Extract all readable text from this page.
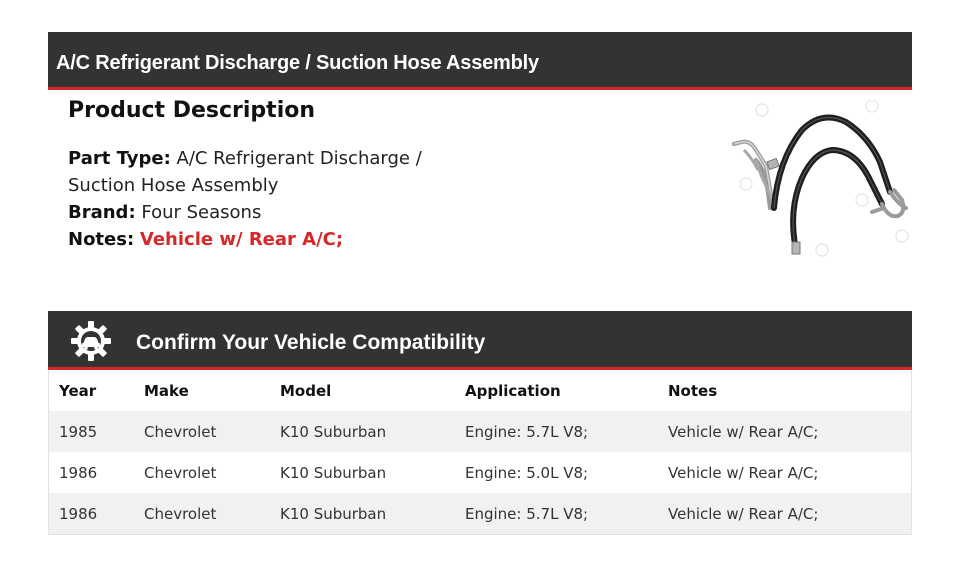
A/C Refrigerant Discharge / Suction Hose Assembly
Product Description
Part Type: A/C Refrigerant Discharge /
Suction Hose Assembly
Brand: Four Seasons
Notes: Vehicle w/ Rear A/C;
Confirm Your Vehicle Compatibility
Year	Make	Model	Application	Notes
1985	Chevrolet	K10 Suburban	Engine: 5.7L V8;	Vehicle w/ Rear A/C;
1986	Chevrolet	K10 Suburban	Engine: 5.0L V8;	Vehicle w/ Rear A/C;
1986	Chevrolet	K10 Suburban	Engine: 5.7L V8;	Vehicle w/ Rear A/C;
